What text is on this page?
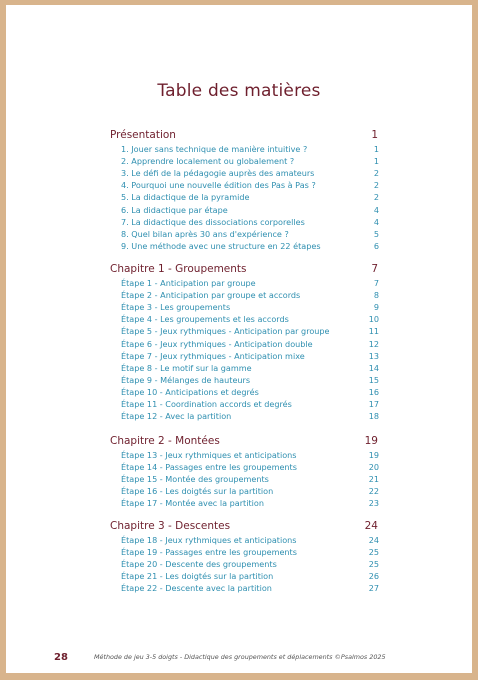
Table des matières
Présentation	1
1. Jouer sans technique de manière intuitive ?	1
2. Apprendre localement ou globalement ?	1
3. Le défi de la pédagogie auprès des amateurs	2
4. Pourquoi une nouvelle édition des Pas à Pas ?	2
5. La didactique de la pyramide	2
6. La didactique par étape	4
7. La didactique des dissociations corporelles	4
8. Quel bilan après 30 ans d'expérience ?	5
9. Une méthode avec une structure en 22 étapes	6
Chapitre 1 - Groupements	7
Étape 1 - Anticipation par groupe	7
Étape 2 - Anticipation par groupe et accords	8
Étape 3 - Les groupements	9
Étape 4 - Les groupements et les accords	10
Étape 5 - Jeux rythmiques - Anticipation par groupe	11
Étape 6 - Jeux rythmiques - Anticipation double	12
Étape 7 - Jeux rythmiques - Anticipation mixe	13
Étape 8 - Le motif sur la gamme	14
Étape 9 - Mélanges de hauteurs	15
Étape 10 - Anticipations et degrés	16
Étape 11 - Coordination accords et degrés	17
Étape 12 - Avec la partition	18
Chapitre 2 - Montées	19
Étape 13 - Jeux rythmiques et anticipations	19
Étape 14 - Passages entre les groupements	20
Étape 15 - Montée des groupements	21
Étape 16 - Les doigtés sur la partition	22
Étape 17 - Montée avec la partition	23
Chapitre 3 - Descentes	24
Étape 18 - Jeux rythmiques et anticipations	24
Étape 19 - Passages entre les groupements	25
Étape 20 - Descente des groupements	25
Étape 21 - Les doigtés sur la partition	26
Étape 22 - Descente avec la partition	27
28	Méthode de jeu 3-5 doigts - Didactique des groupements et déplacements ©Psalmos 2025
